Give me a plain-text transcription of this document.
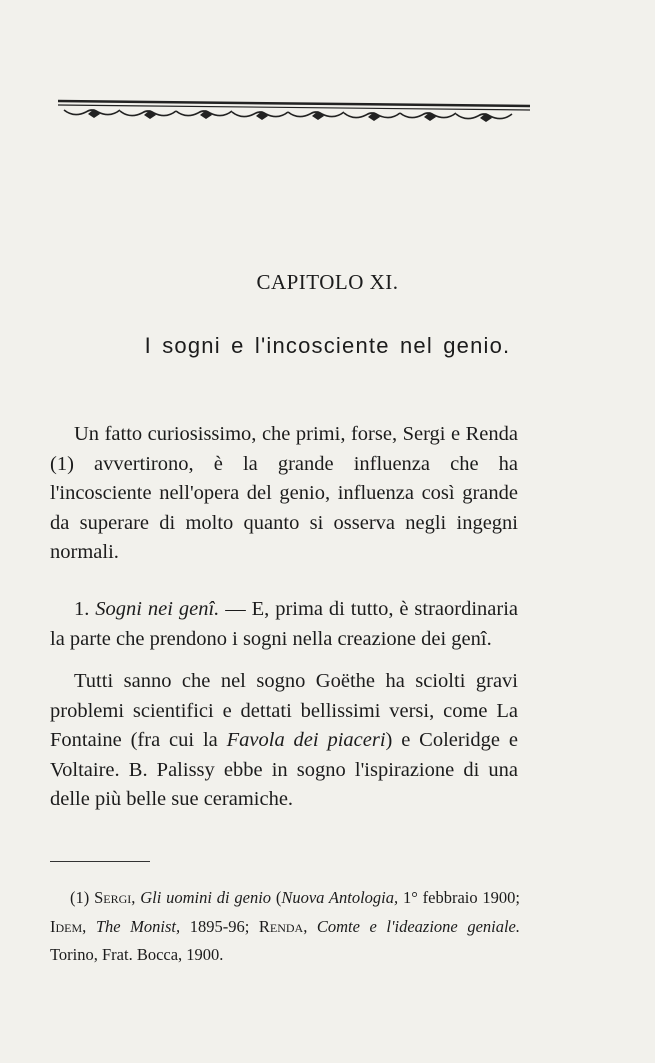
CAPITOLO XI.
I sogni e l'incosciente nel genio.

Un fatto curiosissimo, che primi, forse, Sergi e Renda (1) avvertirono, è la grande influenza che ha l'incosciente nell'opera del genio, influenza così grande da superare di molto quanto si osserva negli ingegni normali.

1. Sogni nei genî. — E, prima di tutto, è straordinaria la parte che prendono i sogni nella creazione dei genî.

Tutti sanno che nel sogno Goëthe ha sciolti gravi problemi scientifici e dettati bellissimi versi, come La Fontaine (fra cui la Favola dei piaceri) e Coleridge e Voltaire. B. Palissy ebbe in sogno l'ispirazione di una delle più belle sue ceramiche.

(1) Sergi, Gli uomini di genio (Nuova Antologia, 1° febbraio 1900; Idem, The Monist, 1895-96; Renda, Comte e l'ideazione geniale. Torino, Frat. Bocca, 1900.
